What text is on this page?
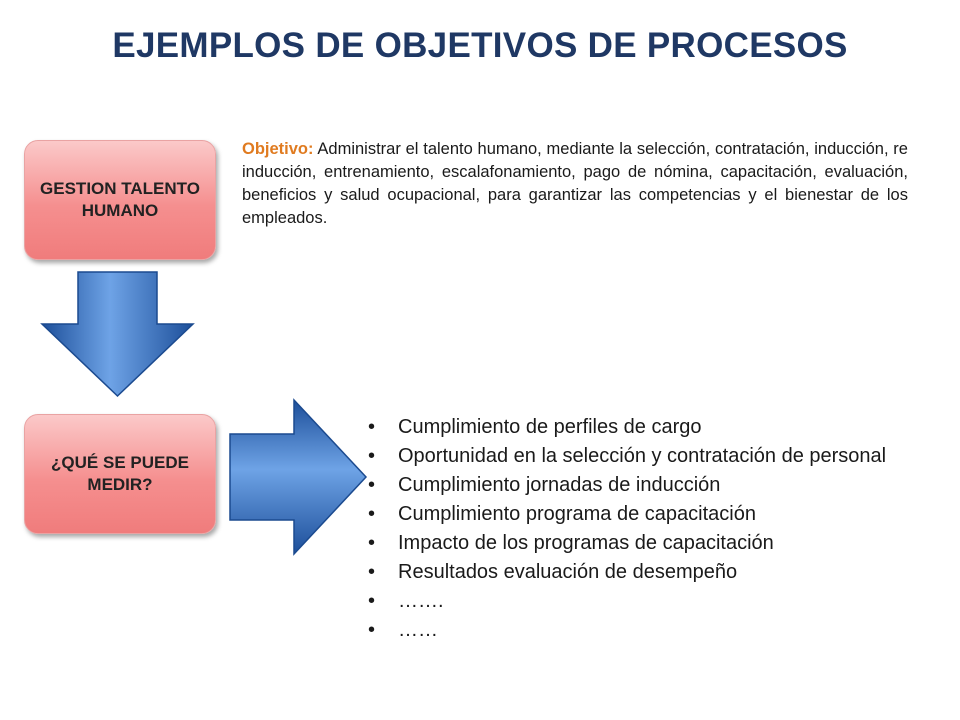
EJEMPLOS DE OBJETIVOS DE PROCESOS
GESTION TALENTO HUMANO
¿QUÉ SE PUEDE MEDIR?
Objetivo: Administrar el talento humano, mediante la selección, contratación, inducción, re inducción, entrenamiento, escalafonamiento, pago de nómina, capacitación, evaluación, beneficios y salud ocupacional, para garantizar las competencias y el bienestar de los empleados.
• Cumplimiento de perfiles de cargo
• Oportunidad en la selección y contratación de personal
• Cumplimiento jornadas de inducción
• Cumplimiento programa de capacitación
• Impacto de los programas de capacitación
• Resultados evaluación de desempeño
• …….
• ……
